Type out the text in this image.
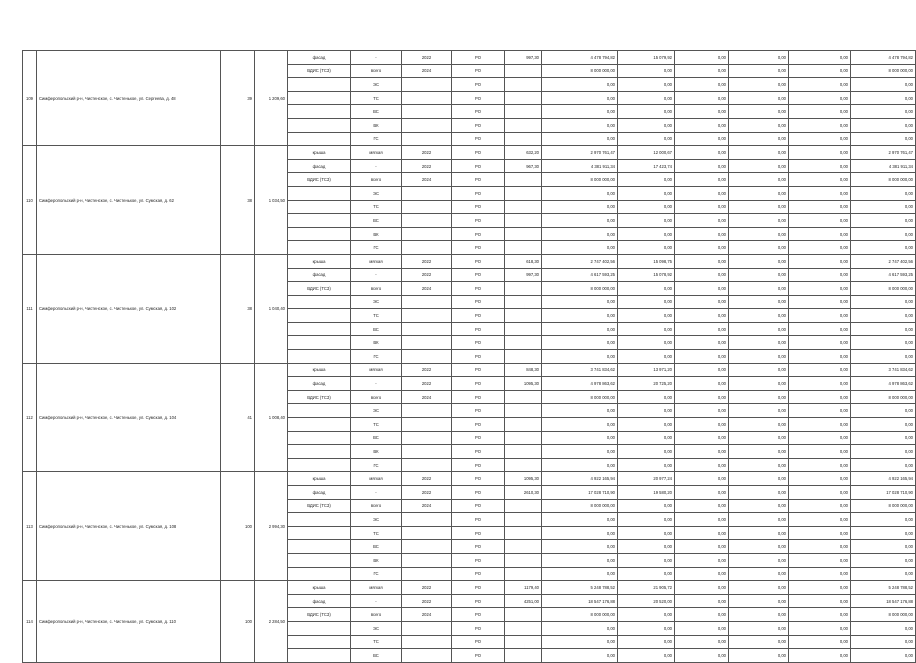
109	Симферопольский р-н, Чистенское, с. Чистенькое, ул. Сергеева, д. 48	39	1 209,60	фасад	-	2022	РО	997,30	4 478 794,82	15 079,92	0,00	0,00	0,00	4 478 794,82
				ВДИС (ТСЗ)	всего	2024	РО		8 000 000,00	0,00	0,00	0,00	0,00	8 000 000,00
					ЭС		РО		0,00	0,00	0,00	0,00	0,00	0,00
					ТС		РО		0,00	0,00	0,00	0,00	0,00	0,00
					ВС		РО		0,00	0,00	0,00	0,00	0,00	0,00
					ВК		РО		0,00	0,00	0,00	0,00	0,00	0,00
					ГС		РО		0,00	0,00	0,00	0,00	0,00	0,00
110	Симферопольский р-н, Чистенское, с. Чистенькое, ул. Сумская, д. 62	38	1 034,50	крыша	мягкая	2022	РО	632,20	2 970 761,47	12 000,67	0,00	0,00	0,00	2 970 761,47
				фасад	-	2022	РО	967,30	4 381 911,34	17 423,74	0,00	0,00	0,00	4 381 911,34
				ВДИС (ТСЗ)	всего	2024	РО		8 000 000,00	0,00	0,00	0,00	0,00	8 000 000,00
					ЭС		РО		0,00	0,00	0,00	0,00	0,00	0,00
					ТС		РО		0,00	0,00	0,00	0,00	0,00	0,00
					ВС		РО		0,00	0,00	0,00	0,00	0,00	0,00
					ВК		РО		0,00	0,00	0,00	0,00	0,00	0,00
					ГС		РО		0,00	0,00	0,00	0,00	0,00	0,00
111	Симферопольский р-н, Чистенское, с. Чистенькое, ул. Сумская, д. 102	38	1 040,40	крыша	мягкая	2022	РО	618,30	2 747 402,56	15 098,75	0,00	0,00	0,00	2 747 402,56
				фасад	-	2022	РО	997,30	4 617 593,25	15 078,92	0,00	0,00	0,00	4 617 593,25
				ВДИС (ТСЗ)	всего	2024	РО		8 000 000,00	0,00	0,00	0,00	0,00	8 000 000,00
					ЭС		РО		0,00	0,00	0,00	0,00	0,00	0,00
					ТС		РО		0,00	0,00	0,00	0,00	0,00	0,00
					ВС		РО		0,00	0,00	0,00	0,00	0,00	0,00
					ВК		РО		0,00	0,00	0,00	0,00	0,00	0,00
					ГС		РО		0,00	0,00	0,00	0,00	0,00	0,00
112	Симферопольский р-н, Чистенское, с. Чистенькое, ул. Сумская, д. 104	41	1 008,40	крыша	мягкая	2022	РО	848,30	3 741 834,62	13 971,20	0,00	0,00	0,00	3 741 834,62
				фасад	-	2022	РО	1095,30	4 978 863,62	20 725,20	0,00	0,00	0,00	4 978 863,62
				ВДИС (ТСЗ)	всего	2024	РО		8 000 000,00	0,00	0,00	0,00	0,00	8 000 000,00
					ЭС		РО		0,00	0,00	0,00	0,00	0,00	0,00
					ТС		РО		0,00	0,00	0,00	0,00	0,00	0,00
					ВС		РО		0,00	0,00	0,00	0,00	0,00	0,00
					ВК		РО		0,00	0,00	0,00	0,00	0,00	0,00
					ГС		РО		0,00	0,00	0,00	0,00	0,00	0,00
113	Симферопольский р-н, Чистенское, с. Чистенькое, ул. Сумская, д. 108	100	2 994,30	крыша	мягкая	2022	РО	1095,30	4 922 165,94	20 977,24	0,00	0,00	0,00	4 922 165,94
				фасад	-	2022	РО	2610,30	17 028 710,90	19 580,20	0,00	0,00	0,00	17 028 710,90
				ВДИС (ТСЗ)	всего	2024	РО		8 000 000,00	0,00	0,00	0,00	0,00	8 000 000,00
					ЭС		РО		0,00	0,00	0,00	0,00	0,00	0,00
					ТС		РО		0,00	0,00	0,00	0,00	0,00	0,00
					ВС		РО		0,00	0,00	0,00	0,00	0,00	0,00
					ВК		РО		0,00	0,00	0,00	0,00	0,00	0,00
					ГС		РО		0,00	0,00	0,00	0,00	0,00	0,00
114	Симферопольский р-н, Чистенское, с. Чистенькое, ул. Сумская, д. 110	100	2 284,50	крыша	мягкая	2022	РО	1179,40	5 248 788,52	21 905,72	0,00	0,00	0,00	5 248 788,52
				фасад	-	2022	РО	4251,00	18 547 176,88	20 520,00	0,00	0,00	0,00	18 547 176,88
				ВДИС (ТСЗ)	всего	2024	РО		8 000 000,00	0,00	0,00	0,00	0,00	8 000 000,00
					ЭС		РО		0,00	0,00	0,00	0,00	0,00	0,00
					ТС		РО		0,00	0,00	0,00	0,00	0,00	0,00
					ВС		РО		0,00	0,00	0,00	0,00	0,00	0,00
